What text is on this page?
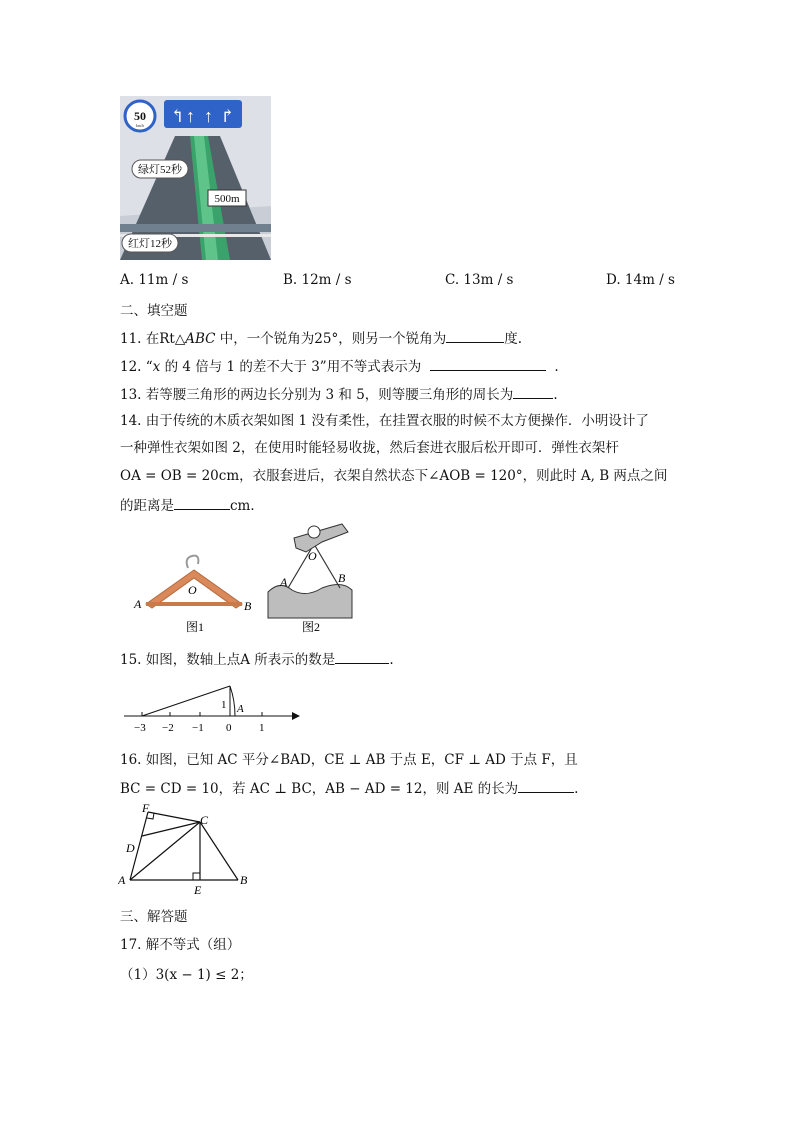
↰ ↑ ↑ ↱
50
km/h
绿灯52秒
500m
红灯12秒
A. 11m / s	B. 12m / s	C. 13m / s	D. 14m / s
二、填空题
11. 在Rt△ABC 中，一个锐角为25°，则另一个锐角为	度.
12. “x 的 4 倍与 1 的差不大于 3”用不等式表示为	.
13. 若等腰三角形的两边长分别为 3 和 5，则等腰三角形的周长为	.
14. 由于传统的木质衣架如图 1 没有柔性，在挂置衣服的时候不太方便操作．小明设计了
一种弹性衣架如图 2，在使用时能轻易收拢，然后套进衣服后松开即可．弹性衣架杆
OA = OB = 20cm，衣服套进后，衣架自然状态下∠AOB = 120°，则此时 A, B 两点之间
的距离是	cm．
O
A	B
图1
O
A	B
图2
15. 如图，数轴上点A 所表示的数是	.
1 A
−3 −2 −1 0	1
16. 如图，已知 AC 平分∠BAD，CE ⊥ AB 于点 E，CF ⊥ AD 于点 F，且
BC = CD = 10，若 AC ⊥ BC，AB − AD = 12，则 AE 的长为	.
F
C
D
A
E
B
三、解答题
17. 解不等式（组）
（1）3(x − 1) ≤ 2；
